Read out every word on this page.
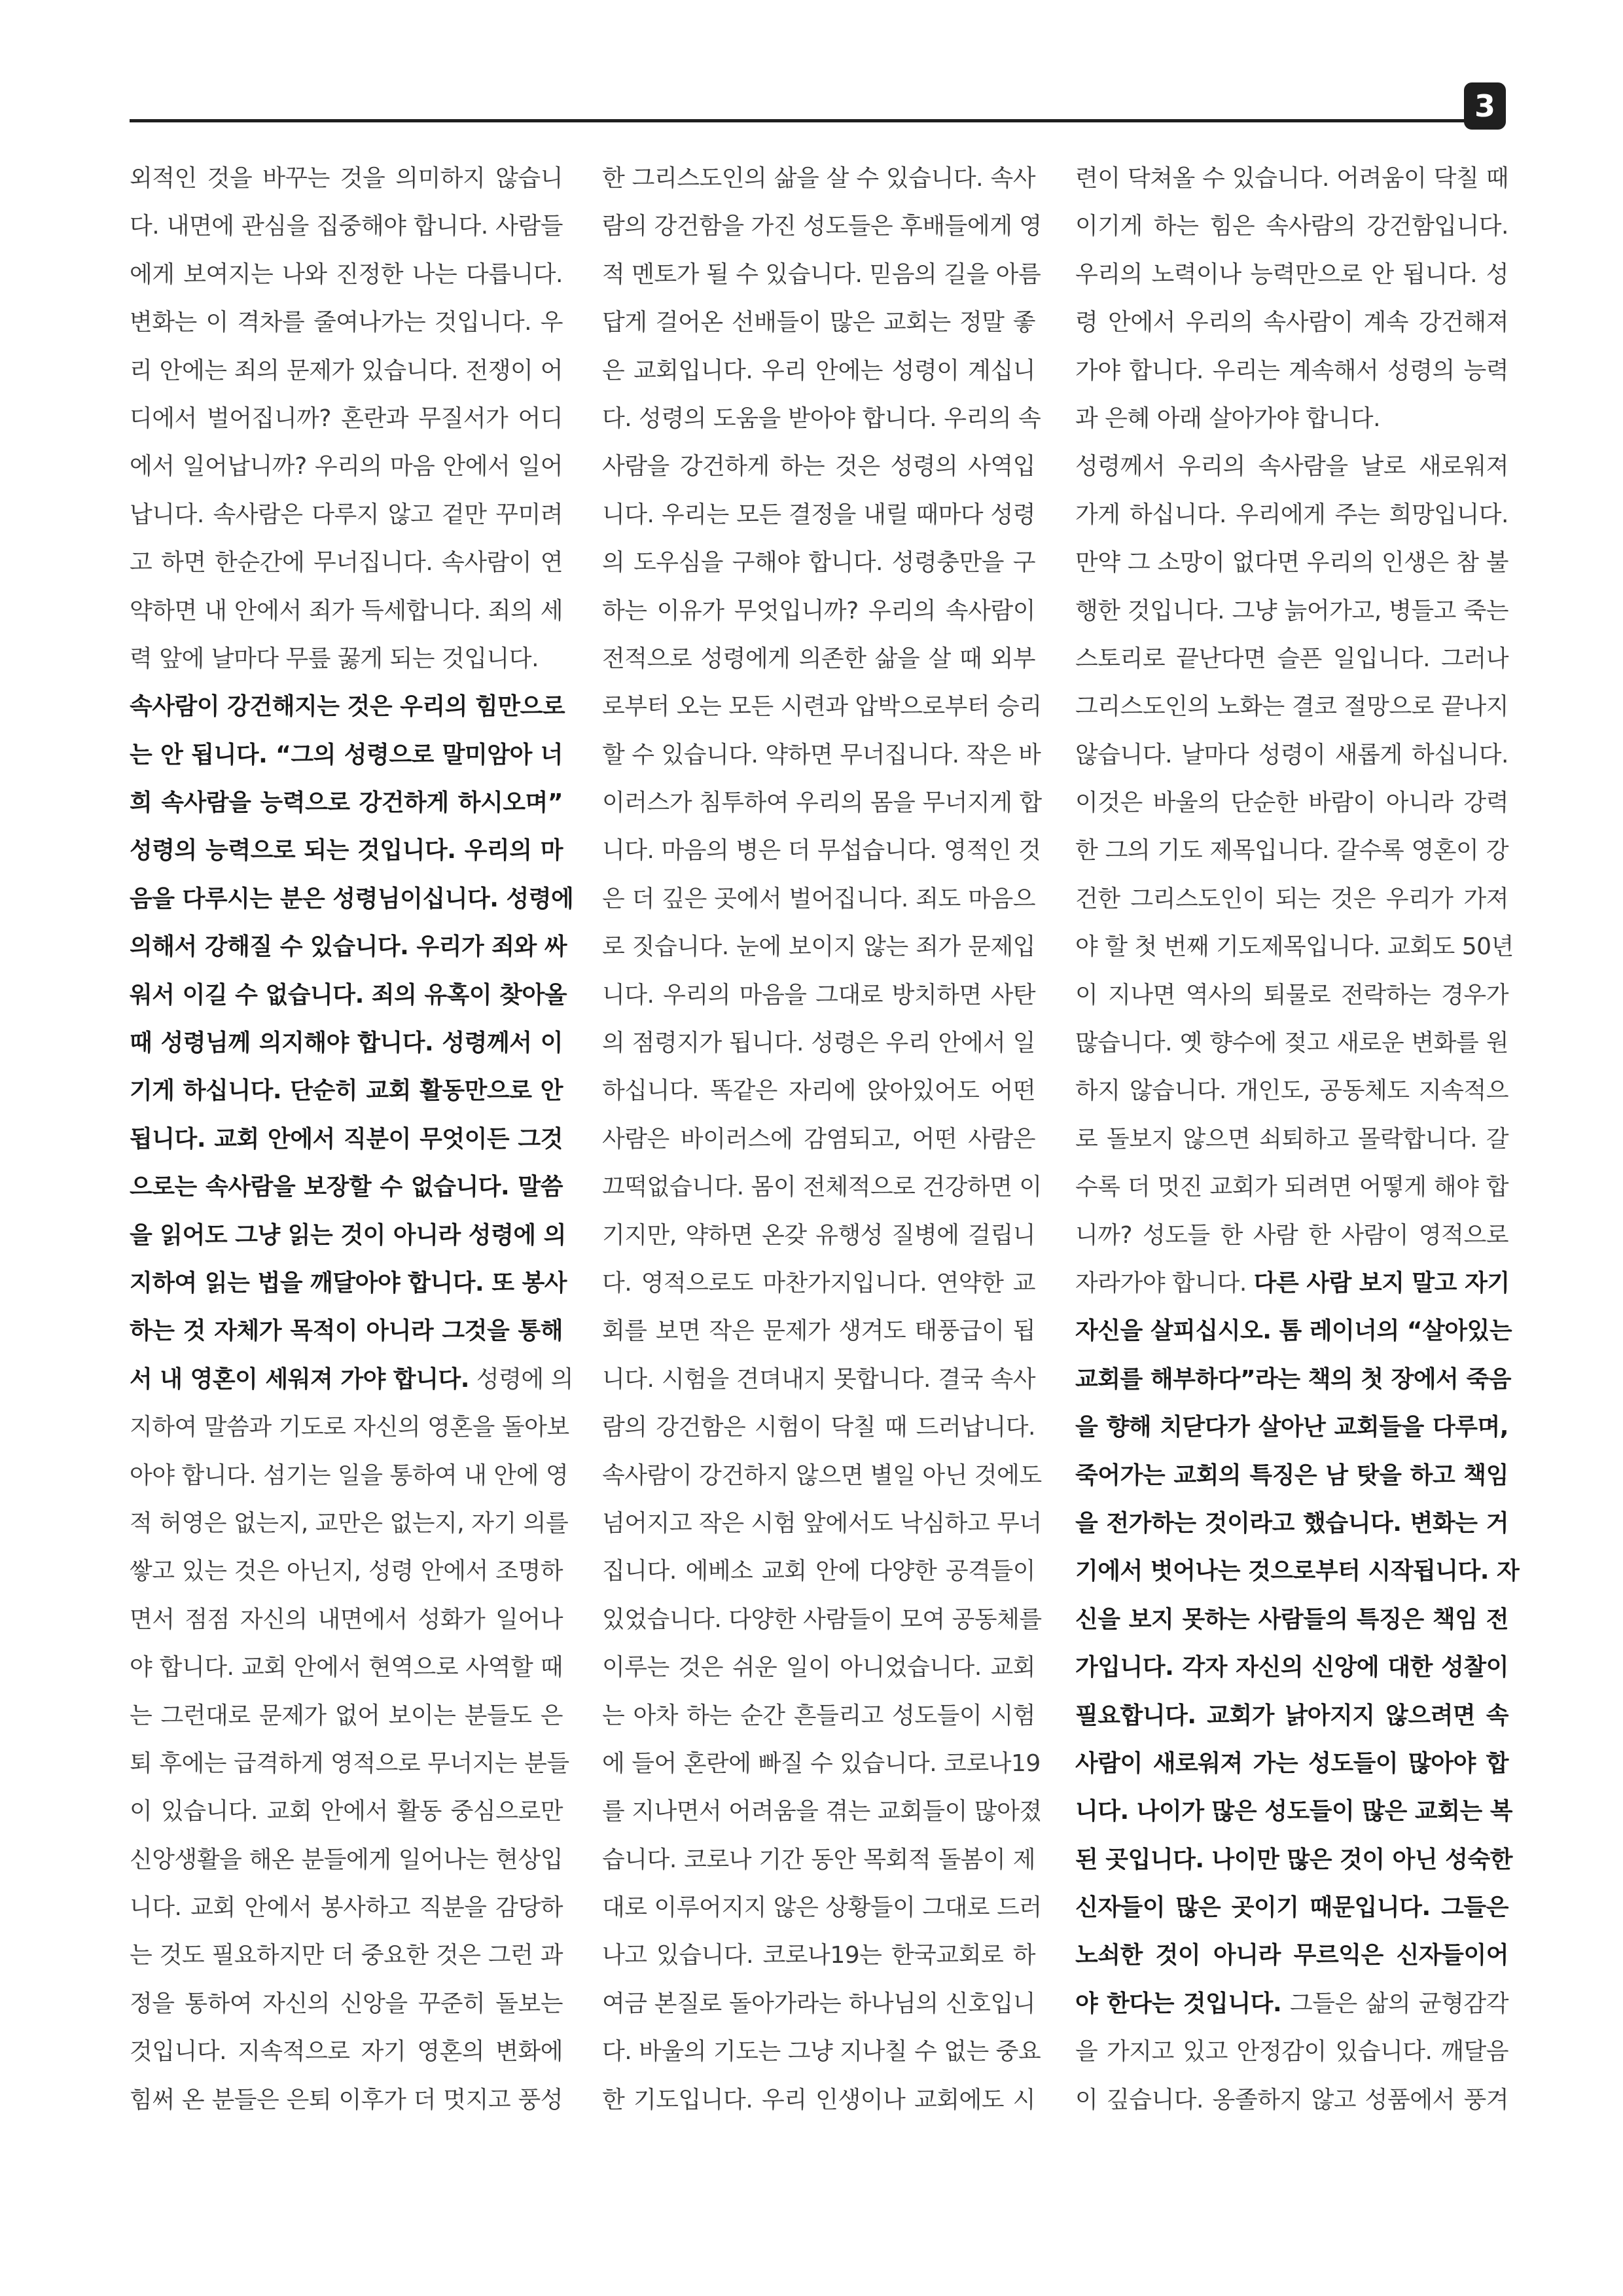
3
외적인 것을 바꾸는 것을 의미하지 않습니
다. 내면에 관심을 집중해야 합니다. 사람들
에게 보여지는 나와 진정한 나는 다릅니다.
변화는 이 격차를 줄여나가는 것입니다. 우
리 안에는 죄의 문제가 있습니다. 전쟁이 어
디에서 벌어집니까? 혼란과 무질서가 어디
에서 일어납니까? 우리의 마음 안에서 일어
납니다. 속사람은 다루지 않고 겉만 꾸미려
고 하면 한순간에 무너집니다. 속사람이 연
약하면 내 안에서 죄가 득세합니다. 죄의 세
력 앞에 날마다 무릎 꿇게 되는 것입니다.
속사람이 강건해지는 것은 우리의 힘만으로
는 안 됩니다. “그의 성령으로 말미암아 너
희 속사람을 능력으로 강건하게 하시오며”
성령의 능력으로 되는 것입니다. 우리의 마
음을 다루시는 분은 성령님이십니다. 성령에
의해서 강해질 수 있습니다. 우리가 죄와 싸
워서 이길 수 없습니다. 죄의 유혹이 찾아올
때 성령님께 의지해야 합니다. 성령께서 이
기게 하십니다. 단순히 교회 활동만으로 안
됩니다. 교회 안에서 직분이 무엇이든 그것
으로는 속사람을 보장할 수 없습니다. 말씀
을 읽어도 그냥 읽는 것이 아니라 성령에 의
지하여 읽는 법을 깨달아야 합니다. 또 봉사
하는 것 자체가 목적이 아니라 그것을 통해
서 내 영혼이 세워져 가야 합니다. 성령에 의
지하여 말씀과 기도로 자신의 영혼을 돌아보
아야 합니다. 섬기는 일을 통하여 내 안에 영
적 허영은 없는지, 교만은 없는지, 자기 의를
쌓고 있는 것은 아닌지, 성령 안에서 조명하
면서 점점 자신의 내면에서 성화가 일어나
야 합니다. 교회 안에서 현역으로 사역할 때
는 그런대로 문제가 없어 보이는 분들도 은
퇴 후에는 급격하게 영적으로 무너지는 분들
이 있습니다. 교회 안에서 활동 중심으로만
신앙생활을 해온 분들에게 일어나는 현상입
니다. 교회 안에서 봉사하고 직분을 감당하
는 것도 필요하지만 더 중요한 것은 그런 과
정을 통하여 자신의 신앙을 꾸준히 돌보는
것입니다. 지속적으로 자기 영혼의 변화에
힘써 온 분들은 은퇴 이후가 더 멋지고 풍성
한 그리스도인의 삶을 살 수 있습니다. 속사
람의 강건함을 가진 성도들은 후배들에게 영
적 멘토가 될 수 있습니다. 믿음의 길을 아름
답게 걸어온 선배들이 많은 교회는 정말 좋
은 교회입니다. 우리 안에는 성령이 계십니
다. 성령의 도움을 받아야 합니다. 우리의 속
사람을 강건하게 하는 것은 성령의 사역입
니다. 우리는 모든 결정을 내릴 때마다 성령
의 도우심을 구해야 합니다. 성령충만을 구
하는 이유가 무엇입니까? 우리의 속사람이
전적으로 성령에게 의존한 삶을 살 때 외부
로부터 오는 모든 시련과 압박으로부터 승리
할 수 있습니다. 약하면 무너집니다. 작은 바
이러스가 침투하여 우리의 몸을 무너지게 합
니다. 마음의 병은 더 무섭습니다. 영적인 것
은 더 깊은 곳에서 벌어집니다. 죄도 마음으
로 짓습니다. 눈에 보이지 않는 죄가 문제입
니다. 우리의 마음을 그대로 방치하면 사탄
의 점령지가 됩니다. 성령은 우리 안에서 일
하십니다. 똑같은 자리에 앉아있어도 어떤
사람은 바이러스에 감염되고, 어떤 사람은
끄떡없습니다. 몸이 전체적으로 건강하면 이
기지만, 약하면 온갖 유행성 질병에 걸립니
다. 영적으로도 마찬가지입니다. 연약한 교
회를 보면 작은 문제가 생겨도 태풍급이 됩
니다. 시험을 견뎌내지 못합니다. 결국 속사
람의 강건함은 시험이 닥칠 때 드러납니다.
속사람이 강건하지 않으면 별일 아닌 것에도
넘어지고 작은 시험 앞에서도 낙심하고 무너
집니다. 에베소 교회 안에 다양한 공격들이
있었습니다. 다양한 사람들이 모여 공동체를
이루는 것은 쉬운 일이 아니었습니다. 교회
는 아차 하는 순간 흔들리고 성도들이 시험
에 들어 혼란에 빠질 수 있습니다. 코로나19
를 지나면서 어려움을 겪는 교회들이 많아졌
습니다. 코로나 기간 동안 목회적 돌봄이 제
대로 이루어지지 않은 상황들이 그대로 드러
나고 있습니다. 코로나19는 한국교회로 하
여금 본질로 돌아가라는 하나님의 신호입니
다. 바울의 기도는 그냥 지나칠 수 없는 중요
한 기도입니다. 우리 인생이나 교회에도 시
련이 닥쳐올 수 있습니다. 어려움이 닥칠 때
이기게 하는 힘은 속사람의 강건함입니다.
우리의 노력이나 능력만으로 안 됩니다. 성
령 안에서 우리의 속사람이 계속 강건해져
가야 합니다. 우리는 계속해서 성령의 능력
과 은혜 아래 살아가야 합니다.
성령께서 우리의 속사람을 날로 새로워져
가게 하십니다. 우리에게 주는 희망입니다.
만약 그 소망이 없다면 우리의 인생은 참 불
행한 것입니다. 그냥 늙어가고, 병들고 죽는
스토리로 끝난다면 슬픈 일입니다. 그러나
그리스도인의 노화는 결코 절망으로 끝나지
않습니다. 날마다 성령이 새롭게 하십니다.
이것은 바울의 단순한 바람이 아니라 강력
한 그의 기도 제목입니다. 갈수록 영혼이 강
건한 그리스도인이 되는 것은 우리가 가져
야 할 첫 번째 기도제목입니다. 교회도 50년
이 지나면 역사의 퇴물로 전락하는 경우가
많습니다. 옛 향수에 젖고 새로운 변화를 원
하지 않습니다. 개인도, 공동체도 지속적으
로 돌보지 않으면 쇠퇴하고 몰락합니다. 갈
수록 더 멋진 교회가 되려면 어떻게 해야 합
니까? 성도들 한 사람 한 사람이 영적으로
자라가야 합니다. 다른 사람 보지 말고 자기
자신을 살피십시오. 톰 레이너의 “살아있는
교회를 해부하다”라는 책의 첫 장에서 죽음
을 향해 치닫다가 살아난 교회들을 다루며,
죽어가는 교회의 특징은 남 탓을 하고 책임
을 전가하는 것이라고 했습니다. 변화는 거
기에서 벗어나는 것으로부터 시작됩니다. 자
신을 보지 못하는 사람들의 특징은 책임 전
가입니다. 각자 자신의 신앙에 대한 성찰이
필요합니다. 교회가 낡아지지 않으려면 속
사람이 새로워져 가는 성도들이 많아야 합
니다. 나이가 많은 성도들이 많은 교회는 복
된 곳입니다. 나이만 많은 것이 아닌 성숙한
신자들이 많은 곳이기 때문입니다. 그들은
노쇠한 것이 아니라 무르익은 신자들이어
야 한다는 것입니다. 그들은 삶의 균형감각
을 가지고 있고 안정감이 있습니다. 깨달음
이 깊습니다. 옹졸하지 않고 성품에서 풍겨
